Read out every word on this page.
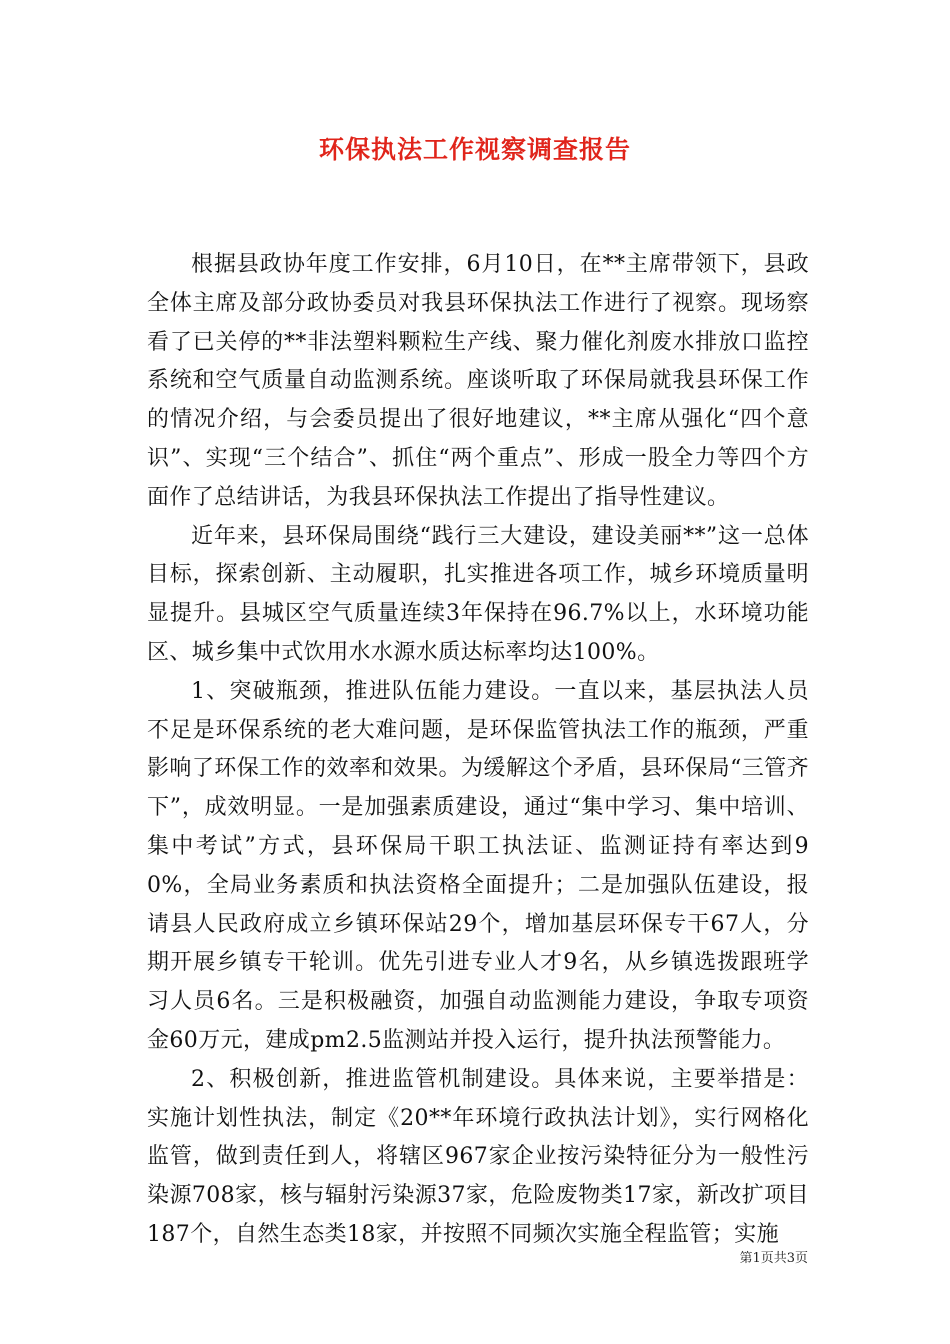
环保执法工作视察调查报告

根据县政协年度工作安排，6月10日，在**主席带领下，县政全体主席及部分政协委员对我县环保执法工作进行了视察。现场察看了已关停的**非法塑料颗粒生产线、聚力催化剂废水排放口监控系统和空气质量自动监测系统。座谈听取了环保局就我县环保工作的情况介绍，与会委员提出了很好地建议，**主席从强化“四个意识”、实现“三个结合”、抓住“两个重点”、形成一股全力等四个方面作了总结讲话，为我县环保执法工作提出了指导性建议。

近年来，县环保局围绕“践行三大建设，建设美丽**”这一总体目标，探索创新、主动履职，扎实推进各项工作，城乡环境质量明显提升。县城区空气质量连续3年保持在96.7%以上，水环境功能区、城乡集中式饮用水水源水质达标率均达100%。

1、突破瓶颈，推进队伍能力建设。一直以来，基层执法人员不足是环保系统的老大难问题，是环保监管执法工作的瓶颈，严重影响了环保工作的效率和效果。为缓解这个矛盾，县环保局“三管齐下”，成效明显。一是加强素质建设，通过“集中学习、集中培训、集中考试”方式，县环保局干职工执法证、监测证持有率达到90%，全局业务素质和执法资格全面提升；二是加强队伍建设，报请县人民政府成立乡镇环保站29个，增加基层环保专干67人，分期开展乡镇专干轮训。优先引进专业人才9名，从乡镇选拨跟班学习人员6名。三是积极融资，加强自动监测能力建设，争取专项资金60万元，建成pm2.5监测站并投入运行，提升执法预警能力。

2、积极创新，推进监管机制建设。具体来说，主要举措是：实施计划性执法，制定《20**年环境行政执法计划》，实行网格化监管，做到责任到人，将辖区967家企业按污染特征分为一般性污染源708家，核与辐射污染源37家，危险废物类17家，新改扩项目187个，自然生态类18家，并按照不同频次实施全程监管；实施

第1页共3页
